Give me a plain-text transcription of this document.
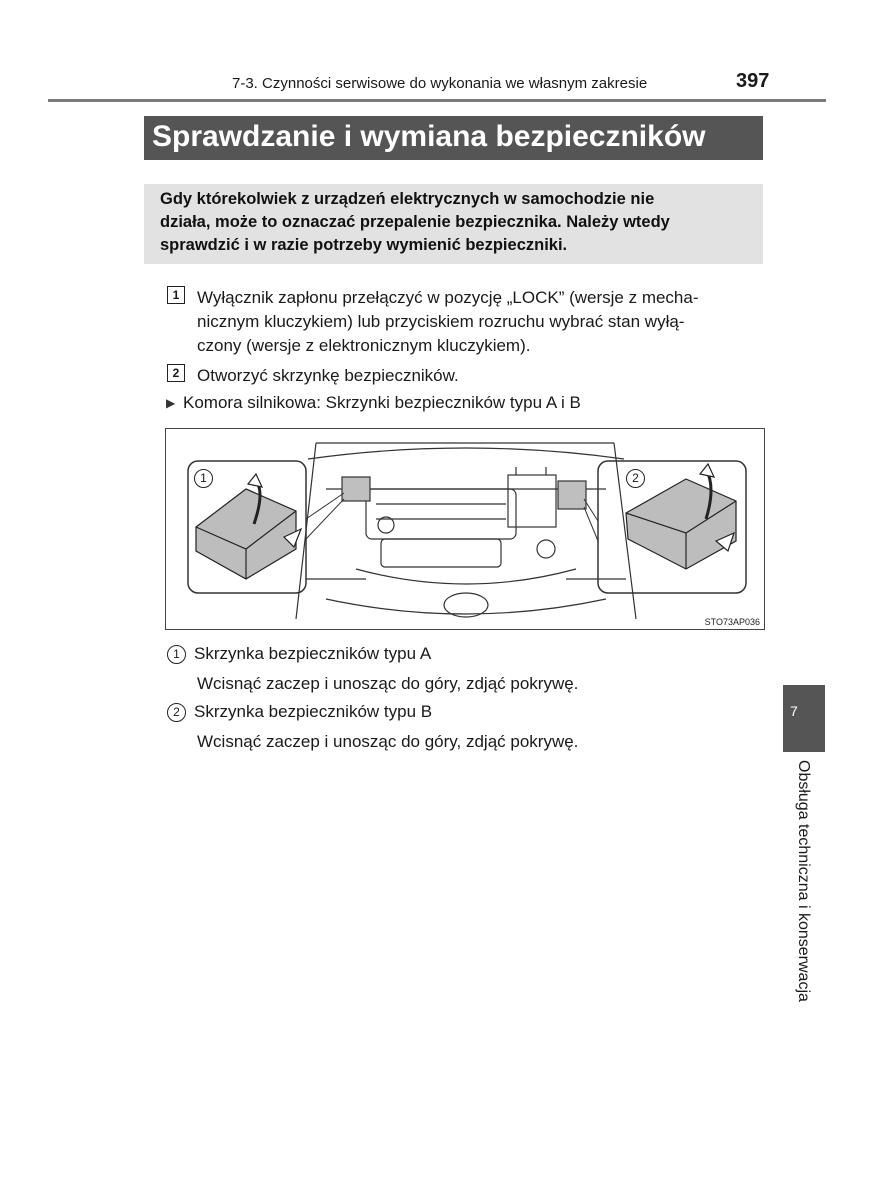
7-3. Czynności serwisowe do wykonania we własnym zakresie	397
Sprawdzanie i wymiana bezpieczników
Gdy którekolwiek z urządzeń elektrycznych w samochodzie nie
działa, może to oznaczać przepalenie bezpiecznika. Należy wtedy
sprawdzić i w razie potrzeby wymienić bezpieczniki.
1	Wyłącznik zapłonu przełączyć w pozycję „LOCK” (wersje z mecha-
nicznym kluczykiem) lub przyciskiem rozruchu wybrać stan wyłą-
czony (wersje z elektronicznym kluczykiem).
2	Otworzyć skrzynkę bezpieczników.
▶ Komora silnikowa: Skrzynki bezpieczników typu A i B
1	2
STO73AP036
1 Skrzynka bezpieczników typu A
Wcisnąć zaczep i unosząc do góry, zdjąć pokrywę.
2 Skrzynka bezpieczników typu B
Wcisnąć zaczep i unosząc do góry, zdjąć pokrywę.
7
Obsługa techniczna i konserwacja
